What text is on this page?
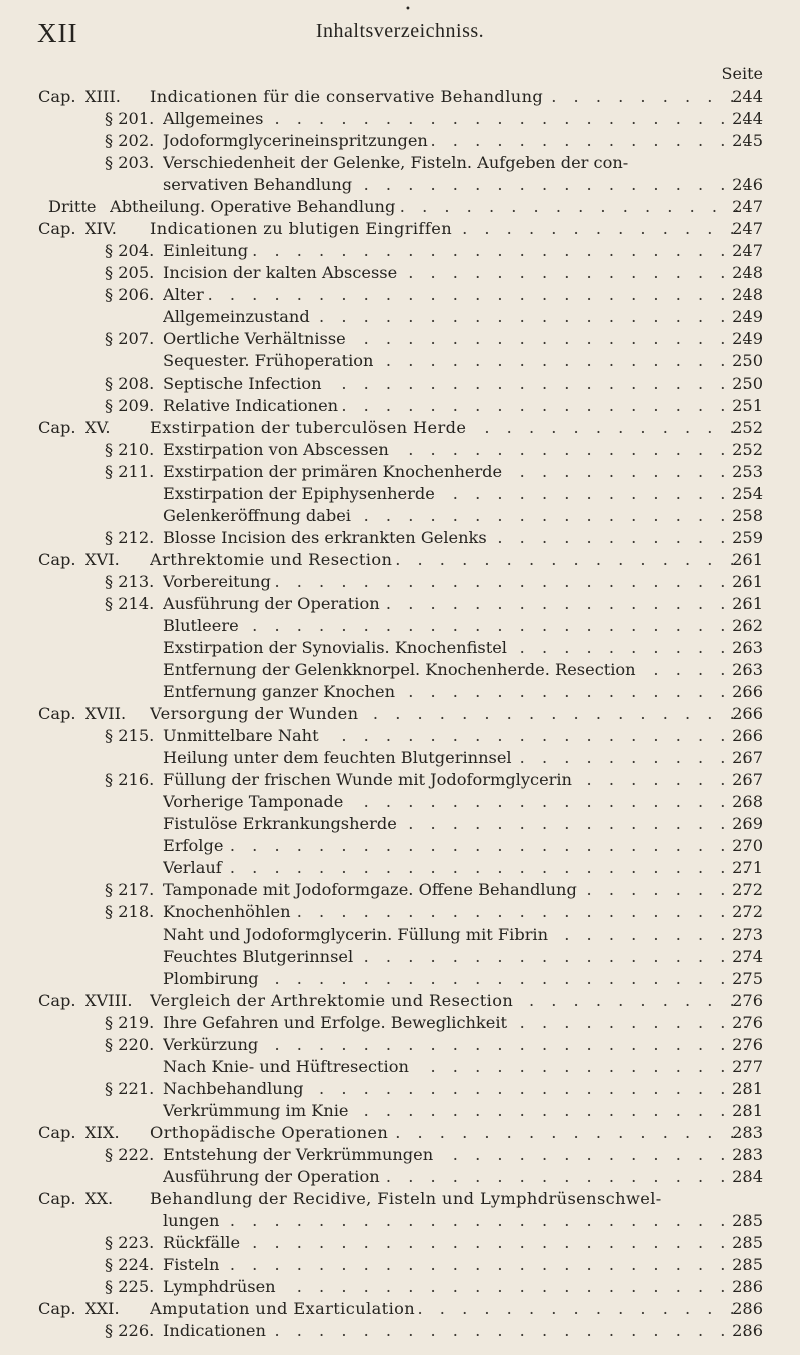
•
XII	Inhaltsverzeichniss.
Seite
Cap. XIII. Indicationen für die conservative Behandlung . . .	244
§ 201. Allgemeines . . .	244
§ 202. Jodoformglycerineinspritzungen . . .	245
§ 203. Verschiedenheit der Gelenke, Fisteln. Aufgeben der con-
servativen Behandlung . . .	246
Dritte Abtheilung. Operative Behandlung . . .	247
Cap. XIV. Indicationen zu blutigen Eingriffen . . .	247
§ 204. Einleitung . . .	247
§ 205. Incision der kalten Abscesse . . .	248
§ 206. Alter . . .	248
Allgemeinzustand . . .	249
§ 207. Oertliche Verhältnisse . . .	249
Sequester. Frühoperation . . .	250
§ 208. Septische Infection . . .	250
§ 209. Relative Indicationen . . .	251
Cap. XV. Exstirpation der tuberculösen Herde . . .	252
§ 210. Exstirpation von Abscessen . . .	252
§ 211. Exstirpation der primären Knochenherde . . .	253
Exstirpation der Epiphysenherde . . .	254
Gelenkeröffnung dabei . . .	258
§ 212. Blosse Incision des erkrankten Gelenks . . .	259
Cap. XVI. Arthrektomie und Resection . . .	261
§ 213. Vorbereitung . . .	261
§ 214. Ausführung der Operation . . .	261
Blutleere . . .	262
Exstirpation der Synovialis. Knochenfistel . . .	263
Entfernung der Gelenkknorpel. Knochenherde. Resection . . .	263
Entfernung ganzer Knochen . . .	266
Cap. XVII. Versorgung der Wunden . . .	266
§ 215. Unmittelbare Naht . . .	266
Heilung unter dem feuchten Blutgerinnsel . . .	267
§ 216. Füllung der frischen Wunde mit Jodoformglycerin . . .	267
Vorherige Tamponade . . .	268
Fistulöse Erkrankungsherde . . .	269
Erfolge . . .	270
Verlauf . . .	271
§ 217. Tamponade mit Jodoformgaze. Offene Behandlung . . .	272
§ 218. Knochenhöhlen . . .	272
Naht und Jodoformglycerin. Füllung mit Fibrin . . .	273
Feuchtes Blutgerinnsel . . .	274
Plombirung . . .	275
Cap. XVIII. Vergleich der Arthrektomie und Resection . . .	276
§ 219. Ihre Gefahren und Erfolge. Beweglichkeit . . .	276
§ 220. Verkürzung . . .	276
Nach Knie- und Hüftresection . . .	277
§ 221. Nachbehandlung . . .	281
Verkrümmung im Knie . . .	281
Cap. XIX. Orthopädische Operationen . . .	283
§ 222. Entstehung der Verkrümmungen . . .	283
Ausführung der Operation . . .	284
Cap. XX. Behandlung der Recidive, Fisteln und Lymphdrüsenschwel-
lungen . . .	285
§ 223. Rückfälle . . .	285
§ 224. Fisteln . . .	285
§ 225. Lymphdrüsen . . .	286
Cap. XXI. Amputation und Exarticulation . . .	286
§ 226. Indicationen . . .	286
